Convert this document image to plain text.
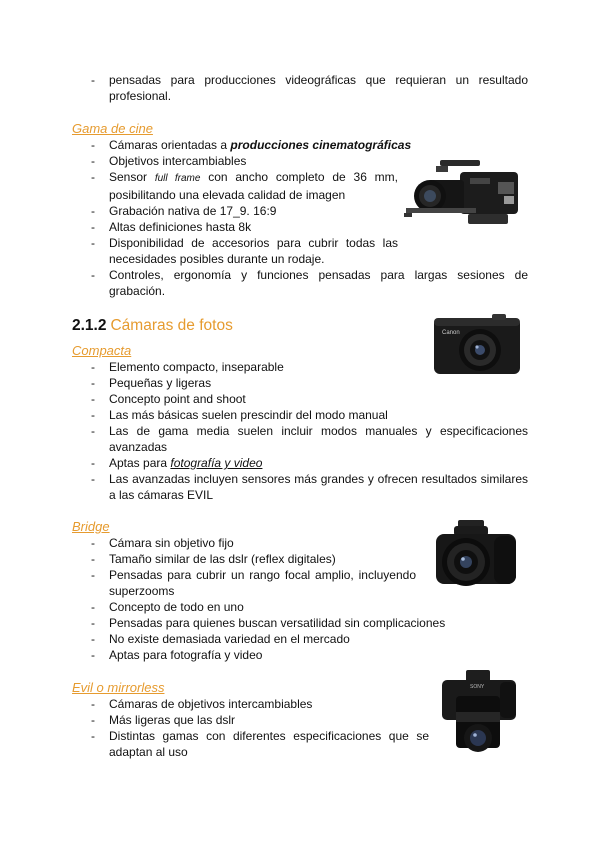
- pensadas para producciones videográficas que requieran un resultado profesional.
Gama de cine
- Cámaras orientadas a producciones cinematográficas
- Objetivos intercambiables
- Sensor full frame con ancho completo de 36 mm, posibilitando una elevada calidad de imagen
- Grabación nativa de 17_9. 16:9
- Altas definiciones hasta 8k
- Disponibilidad de accesorios para cubrir todas las necesidades posibles durante un rodaje.
- Controles, ergonomía y funciones pensadas para largas sesiones de grabación.
2.1.2 Cámaras de fotos	Canon
Compacta
- Elemento compacto, inseparable
- Pequeñas y ligeras
- Concepto point and shoot
- Las más básicas suelen prescindir del modo manual
- Las de gama media suelen incluir modos manuales y especificaciones avanzadas
- Aptas para fotografía y video
- Las avanzadas incluyen sensores más grandes y ofrecen resultados similares a las cámaras EVIL
Bridge
- Cámara sin objetivo fijo
- Tamaño similar de las dslr (reflex digitales)
- Pensadas para cubrir un rango focal amplio, incluyendo superzooms
- Concepto de todo en uno
- Pensadas para quienes buscan versatilidad sin complicaciones
- No existe demasiada variedad en el mercado
- Aptas para fotografía y video
Evil o mirrorless	SONY
- Cámaras de objetivos intercambiables
- Más ligeras que las dslr
- Distintas gamas con diferentes especificaciones que se adaptan al uso
